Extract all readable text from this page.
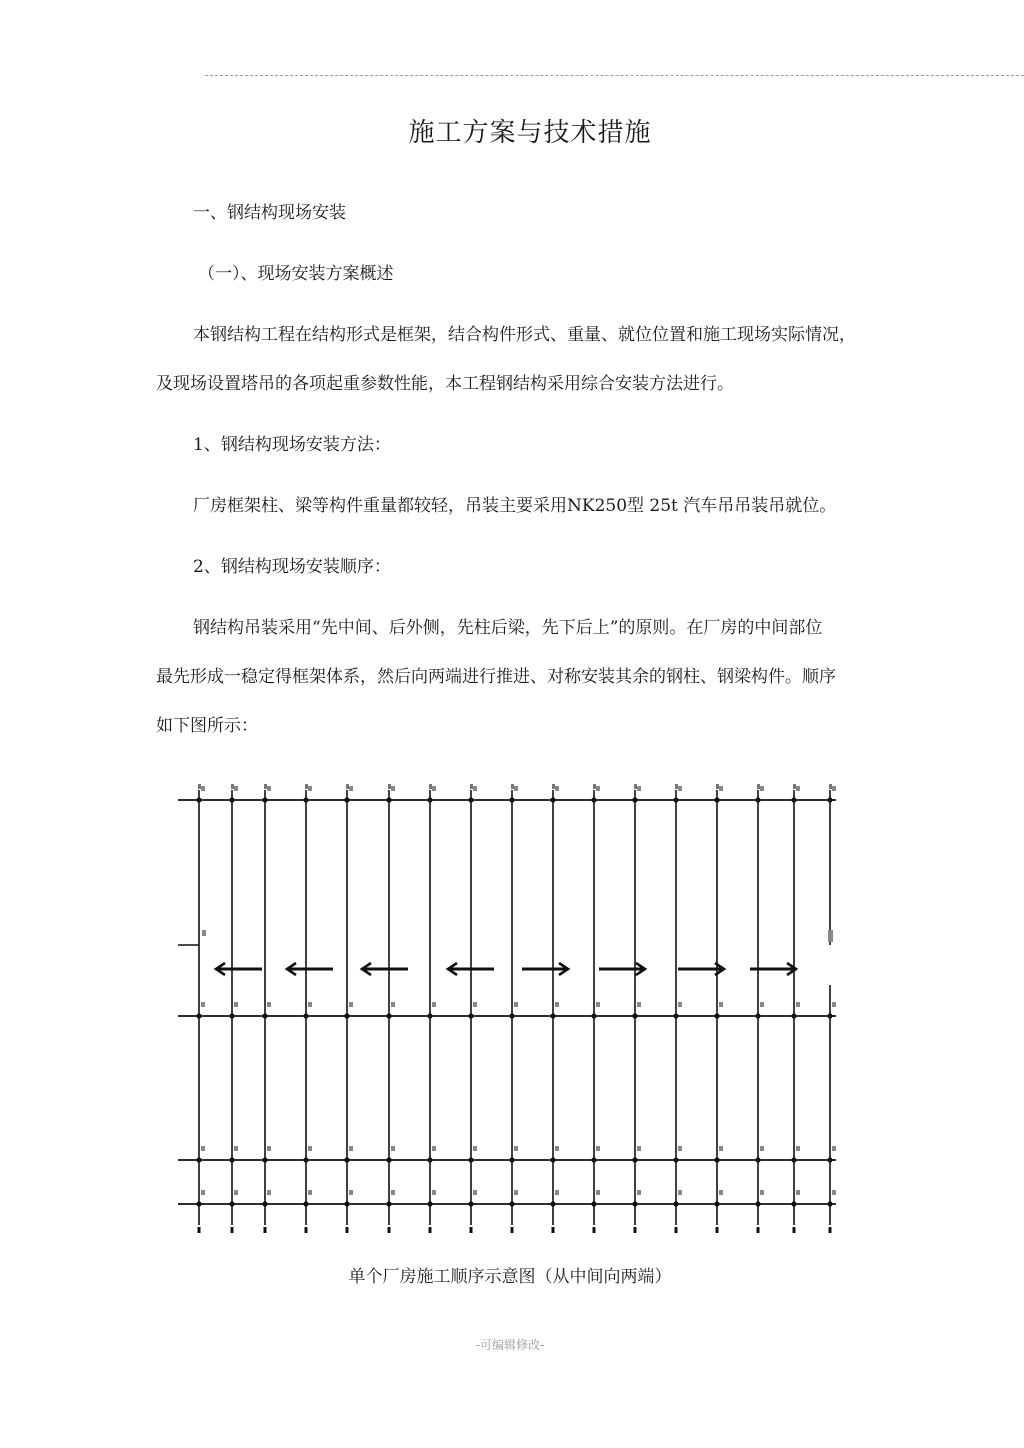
施工方案与技术措施
一、钢结构现场安装
（一）、现场安装方案概述
本钢结构工程在结构形式是框架，结合构件形式、重量、就位位置和施工现场实际情况，
及现场设置塔吊的各项起重参数性能，本工程钢结构采用综合安装方法进行。
1、钢结构现场安装方法：
厂房框架柱、梁等构件重量都较轻，吊装主要采用NK250型 25t 汽车吊吊装吊就位。
2、钢结构现场安装顺序：
钢结构吊装采用“先中间、后外侧，先柱后梁，先下后上”的原则。在厂房的中间部位
最先形成一稳定得框架体系，然后向两端进行推进、对称安装其余的钢柱、钢梁构件。顺序
如下图所示：
单个厂房施工顺序示意图（从中间向两端）
-可编辑修改-
